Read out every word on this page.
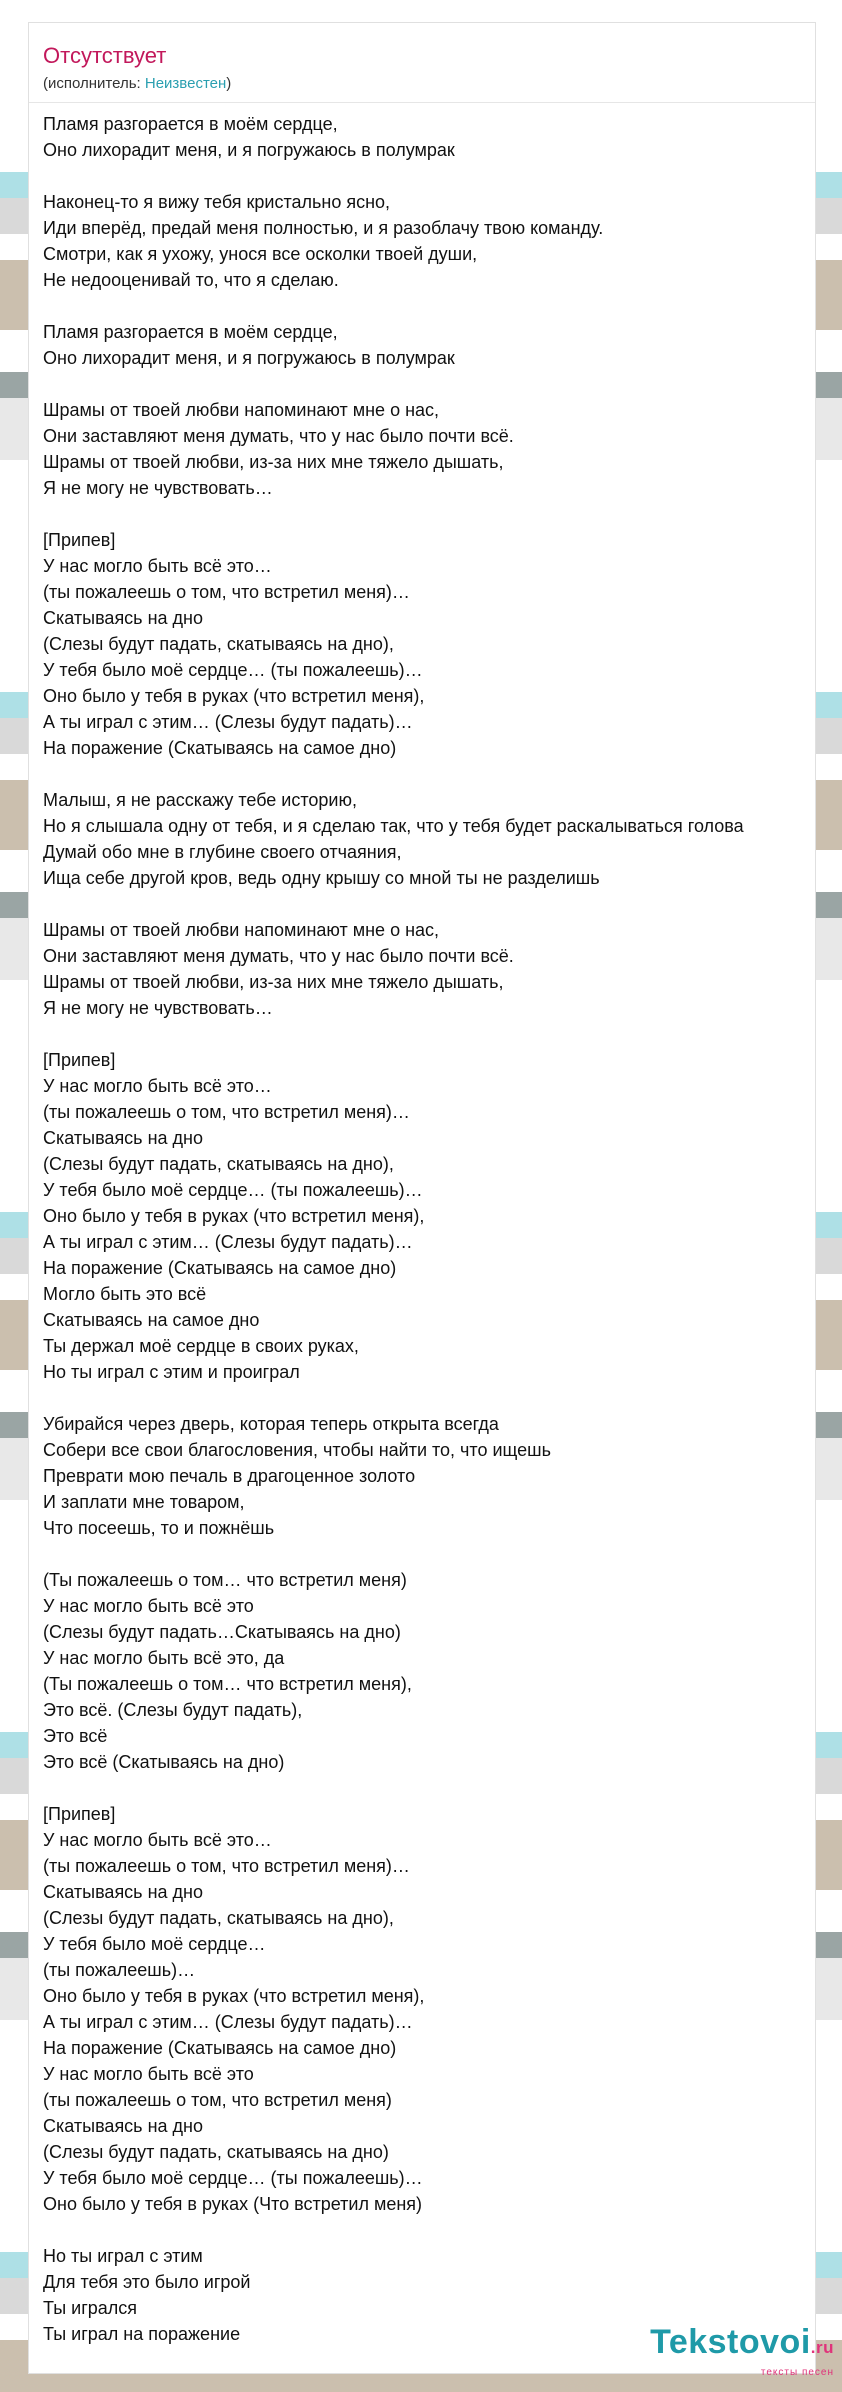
Отсутствует
(исполнитель: Неизвестен)
Пламя разгорается в моём сердце,
Оно лихорадит меня, и я погружаюсь в полумрак
Наконец-то я вижу тебя кристально ясно,
Иди вперёд, предай меня полностью, и я разоблачу твою команду.
Смотри, как я ухожу, унося все осколки твоей души,
Не недооценивай то, что я сделаю.
Пламя разгорается в моём сердце,
Оно лихорадит меня, и я погружаюсь в полумрак
Шрамы от твоей любви напоминают мне о нас,
Они заставляют меня думать, что у нас было почти всё.
Шрамы от твоей любви, из-за них мне тяжело дышать,
Я не могу не чувствовать…
[Припев]
У нас могло быть всё это…
(ты пожалеешь о том, что встретил меня)…
Скатываясь на дно
(Слезы будут падать, скатываясь на дно),
У тебя было моё сердце… (ты пожалеешь)…
Оно было у тебя в руках (что встретил меня),
А ты играл с этим… (Слезы будут падать)…
На поражение (Скатываясь на самое дно)
Малыш, я не расскажу тебе историю,
Но я слышала одну от тебя, и я сделаю так, что у тебя будет раскалываться голова
Думай обо мне в глубине своего отчаяния,
Ища себе другой кров, ведь одну крышу со мной ты не разделишь
Шрамы от твоей любви напоминают мне о нас,
Они заставляют меня думать, что у нас было почти всё.
Шрамы от твоей любви, из-за них мне тяжело дышать,
Я не могу не чувствовать…
[Припев]
У нас могло быть всё это…
(ты пожалеешь о том, что встретил меня)…
Скатываясь на дно
(Слезы будут падать, скатываясь на дно),
У тебя было моё сердце… (ты пожалеешь)…
Оно было у тебя в руках (что встретил меня),
А ты играл с этим… (Слезы будут падать)…
На поражение (Скатываясь на самое дно)
Могло быть это всё
Скатываясь на самое дно
Ты держал моё сердце в своих руках,
Но ты играл с этим и проиграл
Убирайся через дверь, которая теперь открыта всегда
Собери все свои благословения, чтобы найти то, что ищешь
Преврати мою печаль в драгоценное золото
И заплати мне товаром,
Что посеешь, то и пожнёшь
(Ты пожалеешь о том… что встретил меня)
У нас могло быть всё это
(Слезы будут падать…Скатываясь на дно)
У нас могло быть всё это, да
(Ты пожалеешь о том… что встретил меня),
Это всё. (Слезы будут падать),
Это всё
Это всё (Скатываясь на дно)
[Припев]
У нас могло быть всё это…
(ты пожалеешь о том, что встретил меня)…
Скатываясь на дно
(Слезы будут падать, скатываясь на дно),
У тебя было моё сердце…
(ты пожалеешь)…
Оно было у тебя в руках (что встретил меня),
А ты играл с этим… (Слезы будут падать)…
На поражение (Скатываясь на самое дно)
У нас могло быть всё это
(ты пожалеешь о том, что встретил меня)
Скатываясь на дно
(Слезы будут падать, скатываясь на дно)
У тебя было моё сердце… (ты пожалеешь)…
Оно было у тебя в руках (Что встретил меня)
Но ты играл с этим
Для тебя это было игрой
Ты игрался
Ты играл на поражение	Tekstovoi.ru
тексты песен
